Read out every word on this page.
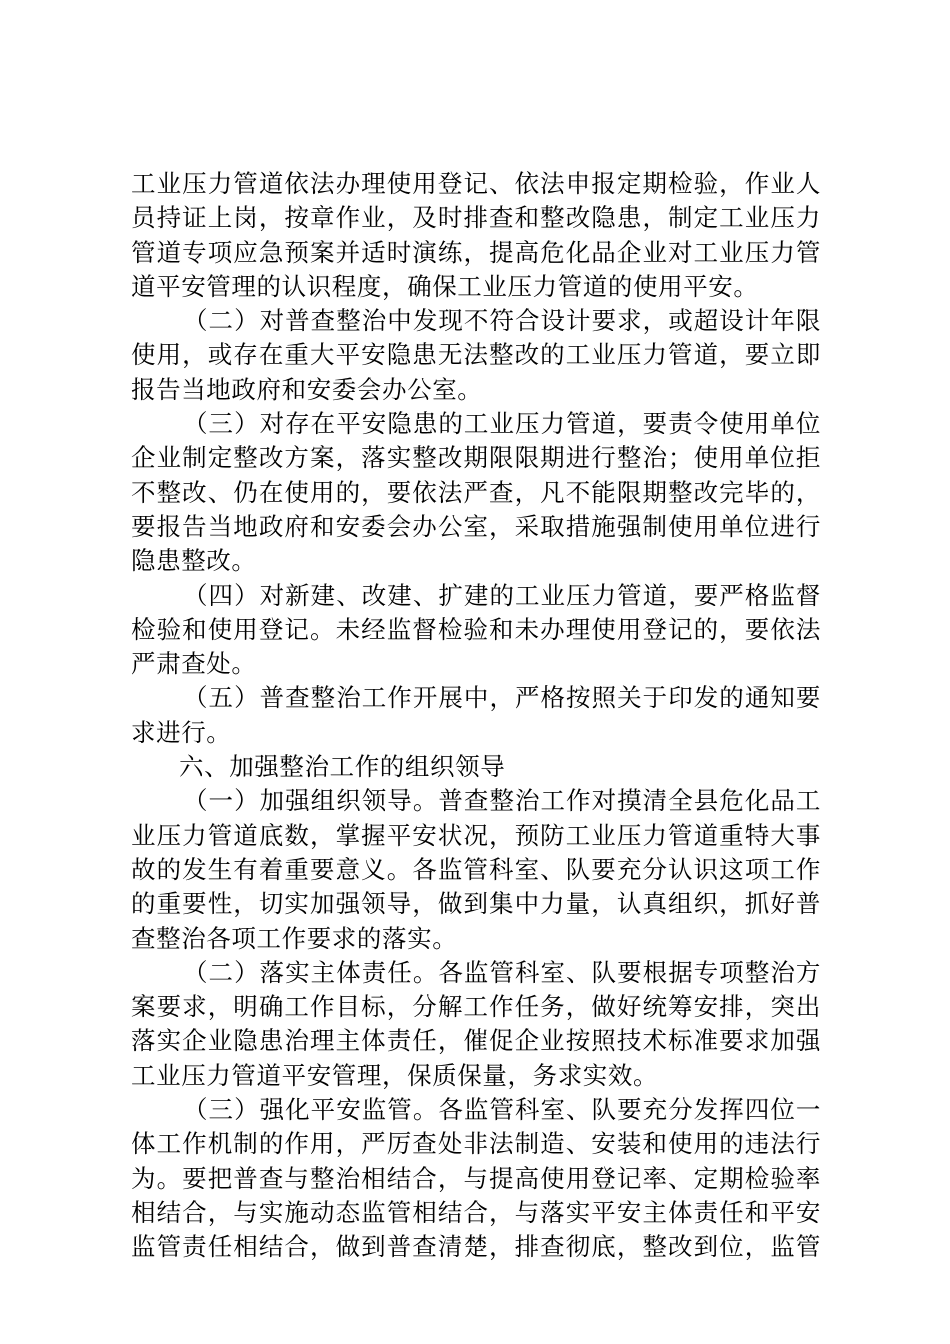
工业压力管道依法办理使用登记、依法申报定期检验，作业人
员持证上岗，按章作业，及时排查和整改隐患，制定工业压力
管道专项应急预案并适时演练，提高危化品企业对工业压力管
道平安管理的认识程度，确保工业压力管道的使用平安。
（二）对普查整治中发现不符合设计要求，或超设计年限
使用，或存在重大平安隐患无法整改的工业压力管道，要立即
报告当地政府和安委会办公室。
（三）对存在平安隐患的工业压力管道，要责令使用单位
企业制定整改方案，落实整改期限限期进行整治；使用单位拒
不整改、仍在使用的，要依法严查，凡不能限期整改完毕的，
要报告当地政府和安委会办公室，采取措施强制使用单位进行
隐患整改。
（四）对新建、改建、扩建的工业压力管道，要严格监督
检验和使用登记。未经监督检验和未办理使用登记的，要依法
严肃查处。
（五）普查整治工作开展中，严格按照关于印发的通知要
求进行。
六、加强整治工作的组织领导
（一）加强组织领导。普查整治工作对摸清全县危化品工
业压力管道底数，掌握平安状况，预防工业压力管道重特大事
故的发生有着重要意义。各监管科室、队要充分认识这项工作
的重要性，切实加强领导，做到集中力量，认真组织，抓好普
查整治各项工作要求的落实。
（二）落实主体责任。各监管科室、队要根据专项整治方
案要求，明确工作目标，分解工作任务，做好统筹安排，突出
落实企业隐患治理主体责任，催促企业按照技术标准要求加强
工业压力管道平安管理，保质保量，务求实效。
（三）强化平安监管。各监管科室、队要充分发挥四位一
体工作机制的作用，严厉查处非法制造、安装和使用的违法行
为。要把普查与整治相结合，与提高使用登记率、定期检验率
相结合，与实施动态监管相结合，与落实平安主体责任和平安
监管责任相结合，做到普查清楚，排查彻底，整改到位，监管
